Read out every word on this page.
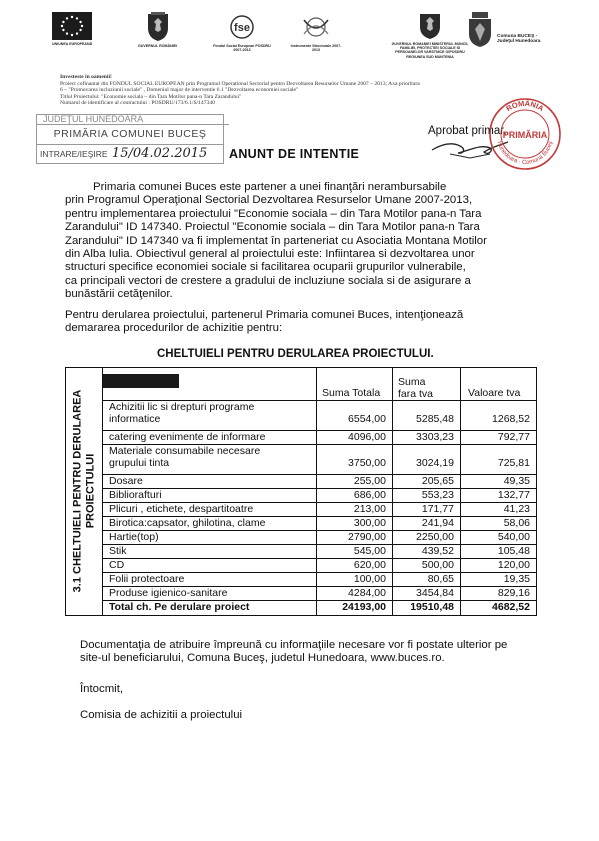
UNIUNEA EUROPEANĂ	GUVERNUL ROMÂNIEI
fse
Fondul Social European POSDRU 2007-2013
Instrumente Structurale 2007-2013
GUVERNUL ROMANIEI MINISTERUL MUNCII, FAMILIEI, PROTECTIEI SOCIALE SI PERSOANELOR VARSTNICE OIPOSDRU REGIUNEA SUD MUNTENIA
Comuna BUCEŞ - Judeţul Hunedoara
Investeste in oamenii!
Proiect cofinantat din FONDUL SOCIAL EUROPEAN prin Programul Operational Sectorial pentru Dezvoltarea Resurselor Umane 2007 – 2013; Axa prioritara
6 – "Promovarea incluziunii sociale" , Domeniul major de interventie 6.1 "Dezvoltarea economiei sociale"
Titlul Proiectului: "Economie sociala – din Tara Motilor pana-n Tara Zarandului"
Numarul de identificare al contractului : POSDRU/173/6.1/S/147340
JUDEŢUL HUNEDOARA
PRIMĂRIA COMUNEI BUCEŞ
INTRARE/IEŞIRE 15/04.02.2015	ANUNT DE INTENTIE
Aprobat primar,
ROMÂNIA
PRIMĂRIA
Hunedoara · Comuna Buceş
Primaria comunei Buces este partener a unei finanţări nerambursabile
prin Programul Operaţional Sectorial Dezvoltarea Resurselor Umane 2007-2013,
pentru implementarea proiectului "Economie sociala – din Tara Motilor pana-n Tara
Zarandului" ID 147340. Proiectul "Economie sociala – din Tara Motilor pana-n Tara
Zarandului" ID 147340 va fi implementat în parteneriat cu Asociatia Montana Motilor
din Alba Iulia. Obiectivul general al proiectului este: Infiintarea si dezvoltarea unor
structuri specifice economiei sociale si facilitarea ocuparii grupurilor vulnerabile,
ca principali vectori de crestere a gradului de incluziune sociala si de asigurare a
bunăstării cetăţenilor.
Pentru derularea proiectului, partenerul Primaria comunei Buces, intenţionează
demararea procedurilor de achizitie pentru:
CHELTUIELI PENTRU DERULAREA PROIECTULUI.
3.1 CHELTUIELI PENTRU DERULAREA PROIECTULUI
Suma Totala
Suma
fara tva	Valoare tva
Achizitii lic si drepturi programe
informatice	6554,00	5285,48	1268,52
catering evenimente de informare	4096,00	3303,23	792,77
Materiale consumabile necesare
grupului tinta	3750,00	3024,19	725,81
Dosare	255,00	205,65	49,35
Bibliorafturi	686,00	553,23	132,77
Plicuri , etichete, despartitoatre	213,00	171,77	41,23
Birotica:capsator, ghilotina, clame	300,00	241,94	58,06
Hartie(top)	2790,00	2250,00	540,00
Stik	545,00	439,52	105,48
CD	620,00	500,00	120,00
Folii protectoare	100,00	80,65	19,35
Produse igienico-sanitare	4284,00	3454,84	829,16
Total ch. Pe derulare proiect	24193,00	19510,48	4682,52
Documentaţia de atribuire împreună cu informaţiile necesare vor fi postate ulterior pe
site-ul beneficiarului, Comuna Buceş, judetul Hunedoara, www.buces.ro.
Întocmit,
Comisia de achizitii a proiectului
